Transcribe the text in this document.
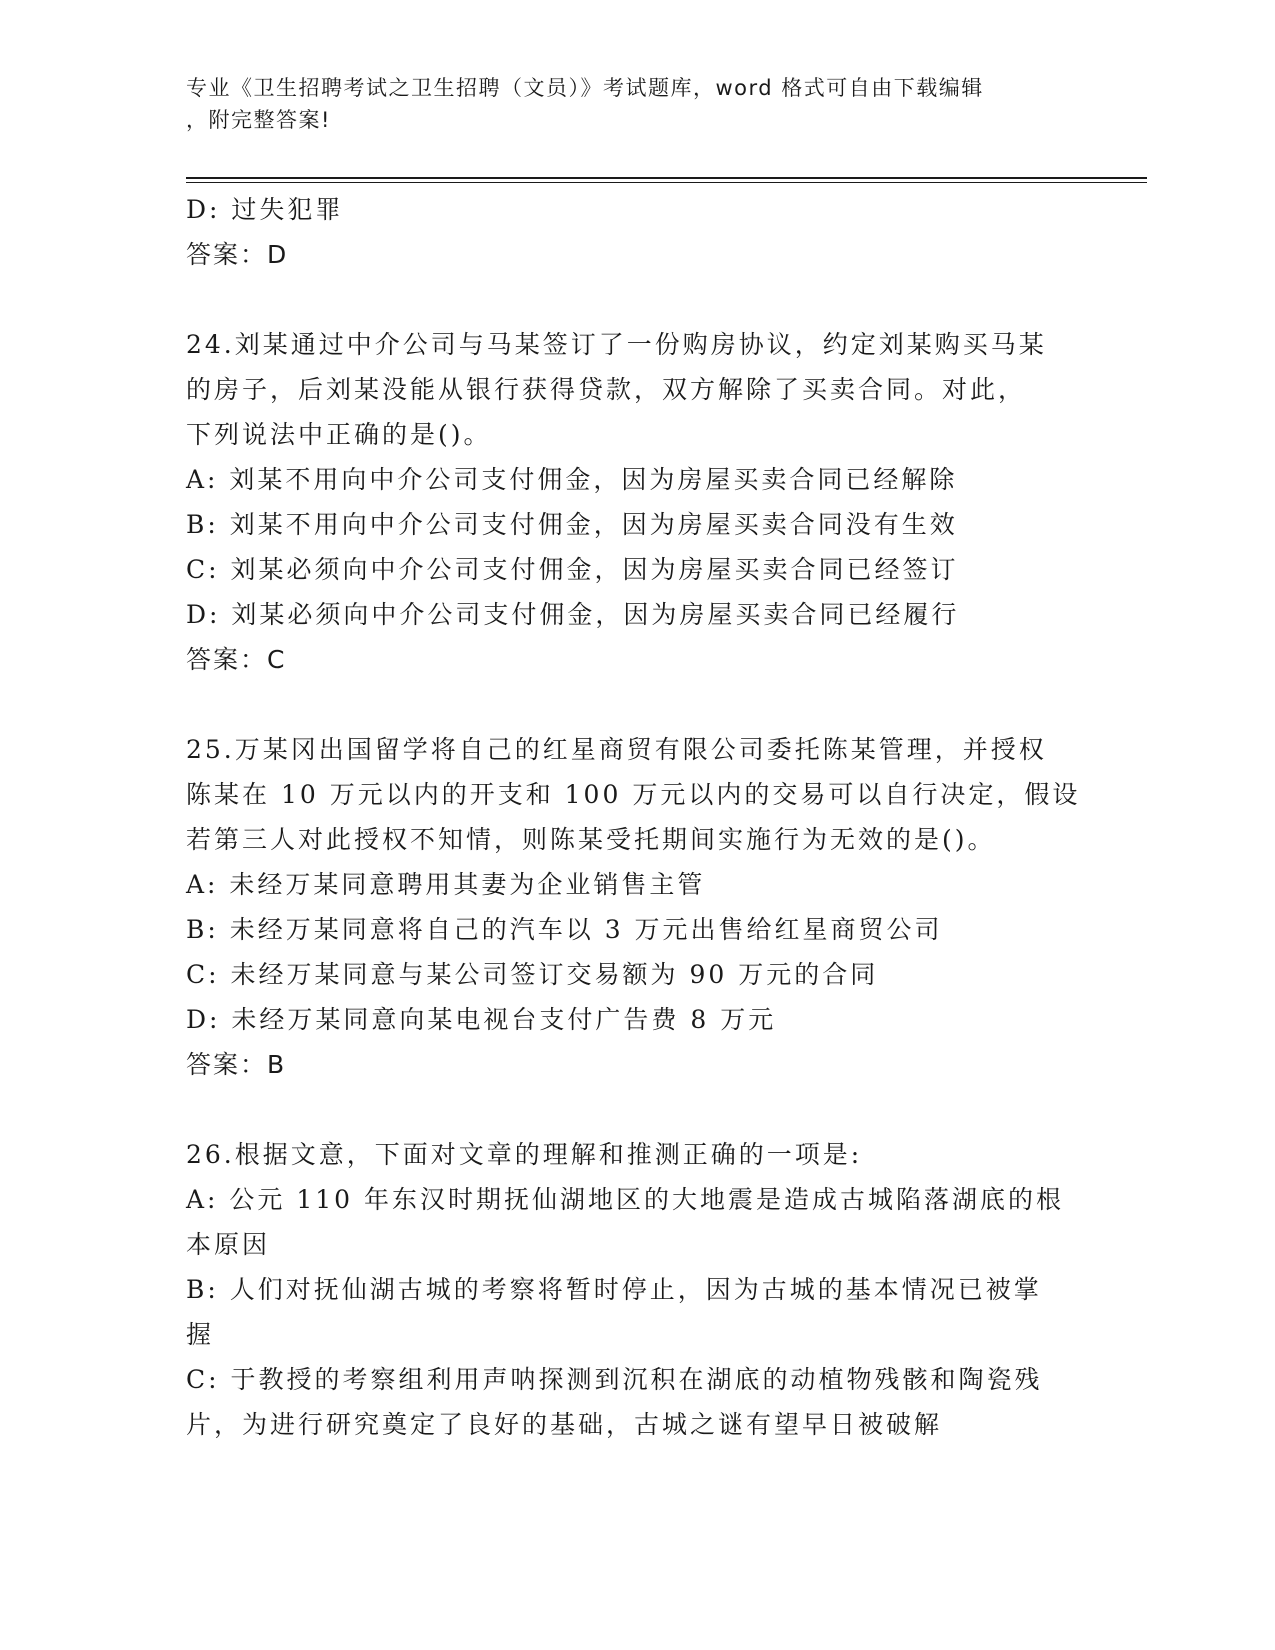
专业《卫生招聘考试之卫生招聘（文员）》考试题库，word 格式可自由下载编辑
，附完整答案!
D: 过失犯罪
答案：D
24.刘某通过中介公司与马某签订了一份购房协议，约定刘某购买马某
的房子，后刘某没能从银行获得贷款，双方解除了买卖合同。对此，
下列说法中正确的是()。
A: 刘某不用向中介公司支付佣金，因为房屋买卖合同已经解除
B: 刘某不用向中介公司支付佣金，因为房屋买卖合同没有生效
C: 刘某必须向中介公司支付佣金，因为房屋买卖合同已经签订
D: 刘某必须向中介公司支付佣金，因为房屋买卖合同已经履行
答案：C
25.万某冈出国留学将自己的红星商贸有限公司委托陈某管理，并授权
陈某在 10 万元以内的开支和 100 万元以内的交易可以自行决定，假设
若第三人对此授权不知情，则陈某受托期间实施行为无效的是()。
A: 未经万某同意聘用其妻为企业销售主管
B: 未经万某同意将自己的汽车以 3 万元出售给红星商贸公司
C: 未经万某同意与某公司签订交易额为 90 万元的合同
D: 未经万某同意向某电视台支付广告费 8 万元
答案：B
26.根据文意，下面对文章的理解和推测正确的一项是:
A: 公元 110 年东汉时期抚仙湖地区的大地震是造成古城陷落湖底的根
本原因
B: 人们对抚仙湖古城的考察将暂时停止，因为古城的基本情况已被掌
握
C: 于教授的考察组利用声呐探测到沉积在湖底的动植物残骸和陶瓷残
片，为进行研究奠定了良好的基础，古城之谜有望早日被破解
